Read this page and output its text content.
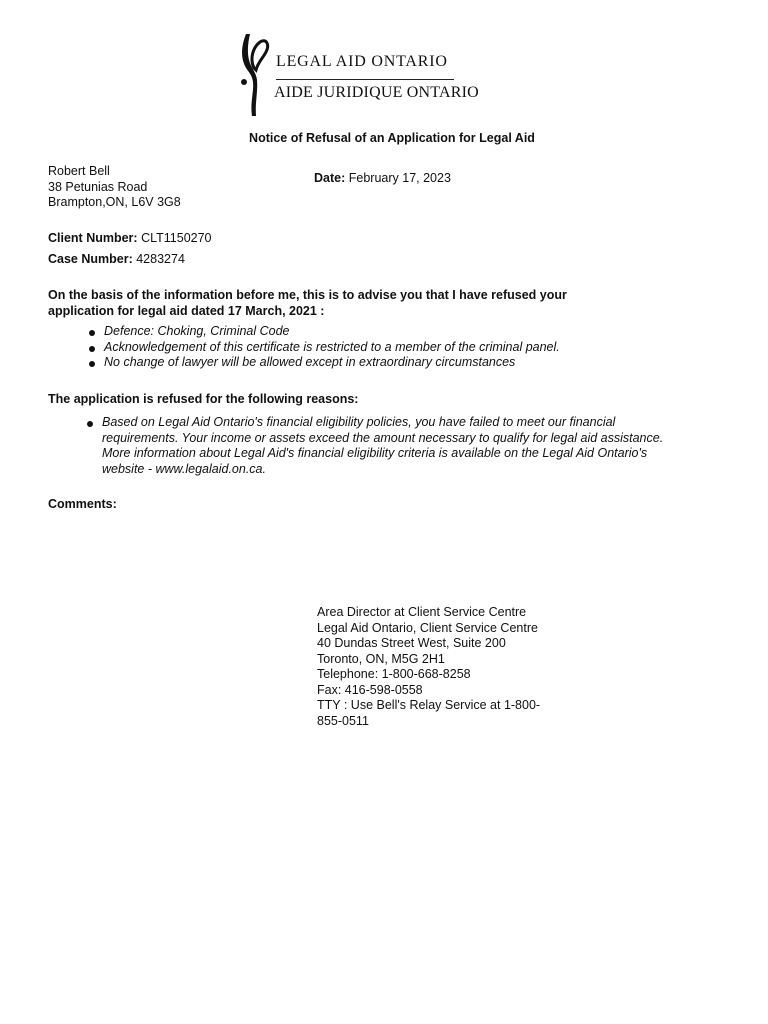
LEGAL AID ONTARIO
AIDE JURIDIQUE ONTARIO
Notice of Refusal of an Application for Legal Aid
Robert Bell
38 Petunias Road
Brampton,ON, L6V 3G8
Date: February 17, 2023
Client Number: CLT1150270
Case Number: 4283274
On the basis of the information before me, this is to advise you that I have refused your application for legal aid dated 17 March, 2021 :
Defence: Choking, Criminal Code
Acknowledgement of this certificate is restricted to a member of the criminal panel.
No change of lawyer will be allowed except in extraordinary circumstances
The application is refused for the following reasons:
Based on Legal Aid Ontario's financial eligibility policies, you have failed to meet our financial requirements. Your income or assets exceed the amount necessary to qualify for legal aid assistance. More information about Legal Aid's financial eligibility criteria is available on the Legal Aid Ontario's website - www.legalaid.on.ca.
Comments:
Area Director at Client Service Centre
Legal Aid Ontario, Client Service Centre
40 Dundas Street West, Suite 200
Toronto, ON, M5G 2H1
Telephone: 1-800-668-8258
Fax: 416-598-0558
TTY : Use Bell's Relay Service at 1-800-
855-0511
